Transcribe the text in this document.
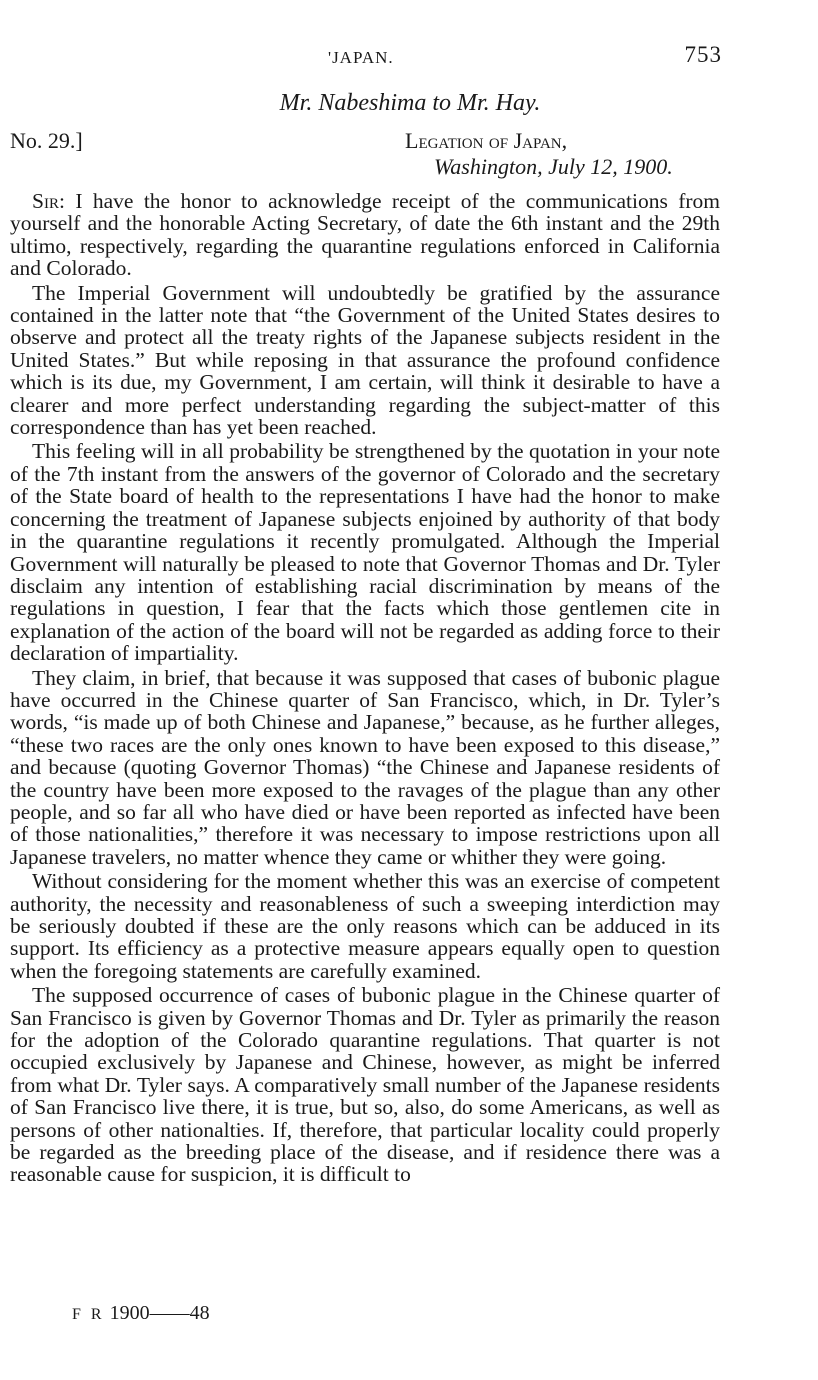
'JAPAN.	753
Mr. Nabeshima to Mr. Hay.
No. 29.]	Legation of Japan,
Washington, July 12, 1900.

Sir: I have the honor to acknowledge receipt of the communications from yourself and the honorable Acting Secretary, of date the 6th instant and the 29th ultimo, respectively, regarding the quarantine regulations enforced in California and Colorado.

The Imperial Government will undoubtedly be gratified by the assurance contained in the latter note that “the Government of the United States desires to observe and protect all the treaty rights of the Japanese subjects resident in the United States.” But while reposing in that assurance the profound confidence which is its due, my Government, I am certain, will think it desirable to have a clearer and more perfect understanding regarding the subject-matter of this correspondence than has yet been reached.

This feeling will in all probability be strengthened by the quotation in your note of the 7th instant from the answers of the governor of Colorado and the secretary of the State board of health to the representations I have had the honor to make concerning the treatment of Japanese subjects enjoined by authority of that body in the quarantine regulations it recently promulgated. Although the Imperial Government will naturally be pleased to note that Governor Thomas and Dr. Tyler disclaim any intention of establishing racial discrimination by means of the regulations in question, I fear that the facts which those gentlemen cite in explanation of the action of the board will not be regarded as adding force to their declaration of impartiality.

They claim, in brief, that because it was supposed that cases of bubonic plague have occurred in the Chinese quarter of San Francisco, which, in Dr. Tyler’s words, “is made up of both Chinese and Japanese,” because, as he further alleges, “these two races are the only ones known to have been exposed to this disease,” and because (quoting Governor Thomas) “the Chinese and Japanese residents of the country have been more exposed to the ravages of the plague than any other people, and so far all who have died or have been reported as infected have been of those nationalities,” therefore it was necessary to impose restrictions upon all Japanese travelers, no matter whence they came or whither they were going.

Without considering for the moment whether this was an exercise of competent authority, the necessity and reasonableness of such a sweeping interdiction may be seriously doubted if these are the only reasons which can be adduced in its support. Its efficiency as a protective measure appears equally open to question when the foregoing statements are carefully examined.

The supposed occurrence of cases of bubonic plague in the Chinese quarter of San Francisco is given by Governor Thomas and Dr. Tyler as primarily the reason for the adoption of the Colorado quarantine regulations. That quarter is not occupied exclusively by Japanese and Chinese, however, as might be inferred from what Dr. Tyler says. A comparatively small number of the Japanese residents of San Francisco live there, it is true, but so, also, do some Americans, as well as persons of other nationalties. If, therefore, that particular locality could properly be regarded as the breeding place of the disease, and if residence there was a reasonable cause for suspicion, it is difficult to

F R 1900——48
